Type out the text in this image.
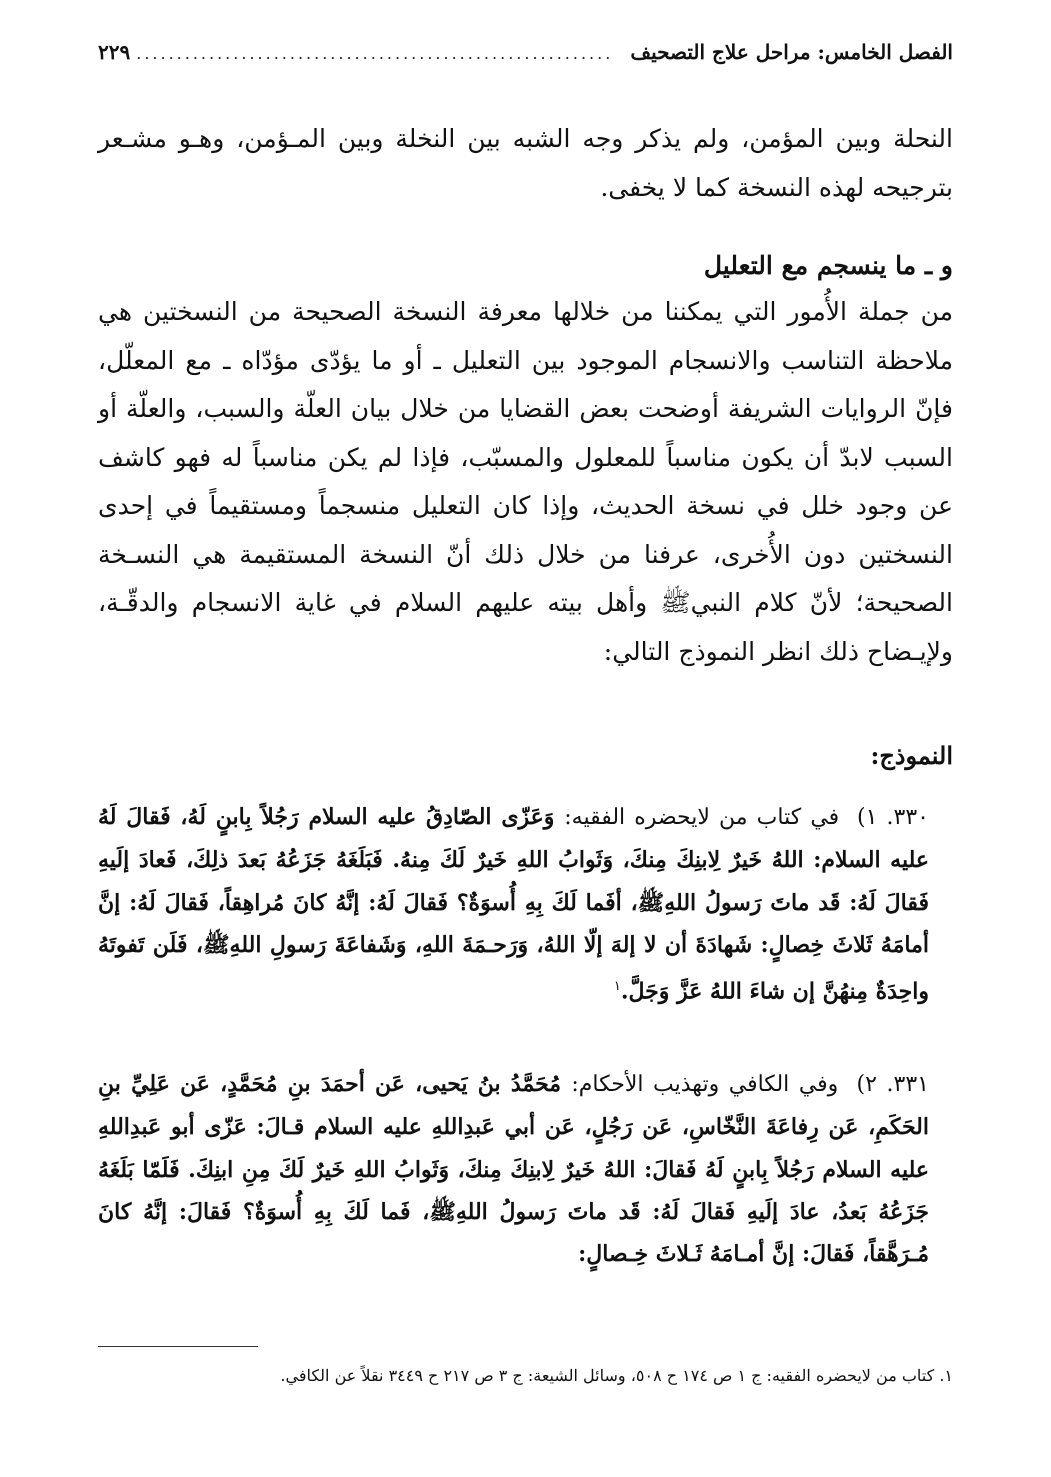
الفصل الخامس: مراحل علاج التصحيف
...........................................................
٢٢٩
النحلة وبين المؤمن، ولم يذكر وجه الشبه بين النخلة وبين المـؤمن، وهـو مشـعر بترجيحه لهذه النسخة كما لا يخفى.
و ـ ما ينسجم مع التعليل
من جملة الأُمور التي يمكننا من خلالها معرفة النسخة الصحيحة من النسختين هي ملاحظة التناسب والانسجام الموجود بين التعليل ـ أو ما يؤدّى مؤدّاه ـ مع المعلّل، فإنّ الروايات الشريفة أوضحت بعض القضايا من خلال بيان العلّة والسبب، والعلّة أو السبب لابدّ أن يكون مناسباً للمعلول والمسبّب، فإذا لم يكن مناسباً له فهو كاشف عن وجود خلل في نسخة الحديث، وإذا كان التعليل منسجماً ومستقيماً في إحدى النسختين دون الأُخرى، عرفنا من خلال ذلك أنّ النسخة المستقيمة هي النسـخة الصحيحة؛ لأنّ كلام النبيﷺ وأهل بيته عليهم السلام في غاية الانسجام والدقّـة، ولإيـضاح ذلك انظر النموذج التالي:
النموذج:
٣٣٠. ١) في كتاب من لايحضره الفقيه: وَعَزّى الصّادِقُ عليه السلام رَجُلاً بِابنٍ لَهُ، فَقالَ لَهُ عليه السلام: اللهُ خَيرٌ لِابنِكَ مِنكَ، وَثَوابُ اللهِ خَيرٌ لَكَ مِنهُ. فَبَلَغَهُ جَزَعُهُ بَعدَ ذلِكَ، فَعادَ إلَيهِ فَقالَ لَهُ: قَد ماتَ رَسولُ اللهِﷺ، أفَما لَكَ بِهِ أُسوَةٌ؟ فَقالَ لَهُ: إنَّهُ كانَ مُراهِقاً، فَقالَ لَهُ: إنَّ أمامَهُ ثَلاثَ خِصالٍ: شَهادَةَ أن لا إلهَ إلّا اللهُ، وَرَحـمَةَ اللهِ، وَشَفاعَةَ رَسولِ اللهِﷺ، فَلَن تَفوتَهُ واحِدَةٌ مِنهُنَّ إن شاءَ اللهُ عَزَّ وَجَلَّ.$^١$
٣٣١. ٢) وفي الكافي وتهذيب الأحكام: مُحَمَّدُ بنُ يَحيى، عَن أحمَدَ بنِ مُحَمَّدٍ، عَن عَلِيِّ بنِ الحَكَمِ، عَن رِفاعَةَ النَّخّاسِ، عَن رَجُلٍ، عَن أبي عَبدِاللهِ عليه السلام قـالَ: عَزّى أبو عَبدِاللهِ عليه السلام رَجُلاً بِابنٍ لَهُ فَقالَ: اللهُ خَيرٌ لِابنِكَ مِنكَ، وَثَوابُ اللهِ خَيرٌ لَكَ مِنِ ابنِكَ. فَلَمّا بَلَغَهُ جَزَعُهُ بَعدُ، عادَ إلَيهِ فَقالَ لَهُ: قَد ماتَ رَسولُ اللهِﷺ، فَما لَكَ بِهِ أُسوَةٌ؟ فَقالَ: إنَّهُ كانَ مُـرَهَّقاً، فَقالَ: إنَّ أمـامَهُ ثَـلاثَ خِـصالٍ:
١. كتاب من لايحضره الفقيه: ج ١ ص ١٧٤ ح ٥٠٨، وسائل الشيعة: ج ٣ ص ٢١٧ ح ٣٤٤٩ نقلاً عن الكافي.
